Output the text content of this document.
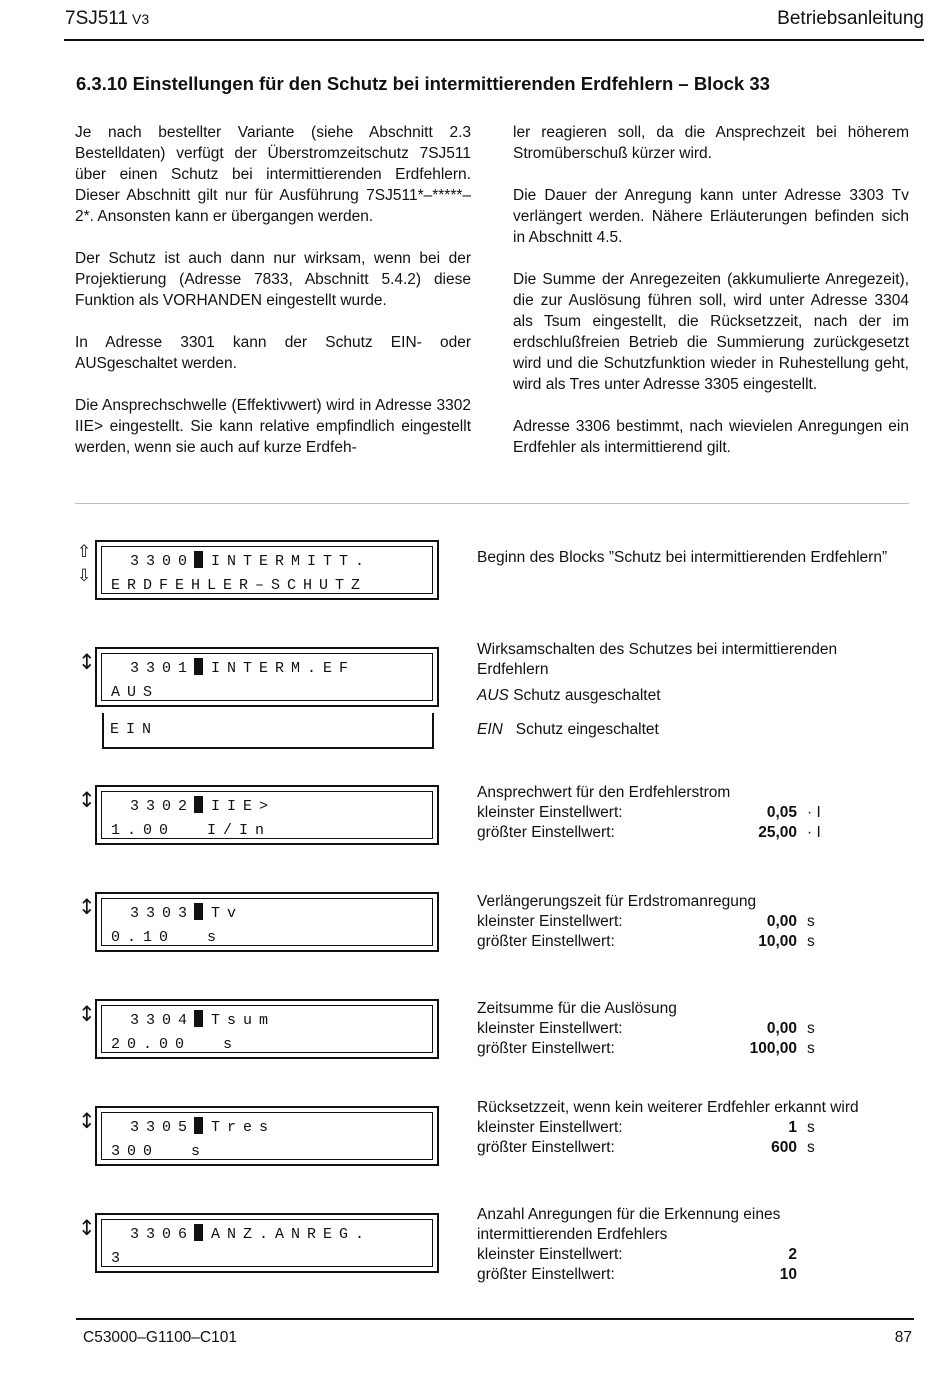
7SJ511 V3	Betriebsanleitung
6.3.10 Einstellungen für den Schutz bei intermittierenden Erdfehlern – Block 33

Je nach bestellter Variante (siehe Abschnitt 2.3 Bestelldaten) verfügt der Überstromzeitschutz 7SJ511 über einen Schutz bei intermittierenden Erdfehlern. Dieser Abschnitt gilt nur für Ausführung 7SJ511*–*****–2*. Ansonsten kann er übergangen werden.

Der Schutz ist auch dann nur wirksam, wenn bei der Projektierung (Adresse 7833, Abschnitt 5.4.2) diese Funktion als VORHANDEN eingestellt wurde.

In Adresse 3301 kann der Schutz EIN- oder AUSgeschaltet werden.

Die Ansprechschwelle (Effektivwert) wird in Adresse 3302 IIE> eingestellt. Sie kann relative empfindlich eingestellt werden, wenn sie auch auf kurze Erdfeh-

ler reagieren soll, da die Ansprechzeit bei höherem Stromüberschuß kürzer wird.

Die Dauer der Anregung kann unter Adresse 3303 Tv verlängert werden. Nähere Erläuterungen befinden sich in Abschnitt 4.5.

Die Summe der Anregezeiten (akkumulierte Anregezeit), die zur Auslösung führen soll, wird unter Adresse 3304 als Tsum eingestellt, die Rücksetzzeit, nach der im erdschlußfreien Betrieb die Summierung zurückgesetzt wird und die Schutzfunktion wieder in Ruhestellung geht, wird als Tres unter Adresse 3305 eingestellt.

Adresse 3306 bestimmt, nach wievielen Anregungen ein Erdfehler als intermittierend gilt.

⇧
⇩
3300 INTERMITT.
ERDFEHLER–SCHUTZ

Beginn des Blocks ”Schutz bei intermittierenden Erdfehlern”

↕ 3301 INTERM.EF
AUS
EIN

Wirksamschalten des Schutzes bei intermittierenden Erdfehlern

AUS Schutz ausgeschaltet

EIN Schutz eingeschaltet

↕ 3302 IIE>
1.00  I/In

Ansprechwert für den Erdfehlerstrom

kleinster Einstellwert:	0,05 · I
größter Einstellwert:	25,00 · I
↕ 3303 Tv
0.10  s

Verlängerungszeit für Erdstromanregung

kleinster Einstellwert:	0,00 s
größter Einstellwert:	10,00 s
↕ 3304 Tsum
20.00  s

Zeitsumme für die Auslösung

kleinster Einstellwert:	0,00 s
größter Einstellwert:	100,00 s
↕ 3305 Tres
300  s

Rücksetzzeit, wenn kein weiterer Erdfehler erkannt wird

kleinster Einstellwert:	1 s
größter Einstellwert:	600 s
↕ 3306 ANZ.ANREG.
3

Anzahl Anregungen für die Erkennung eines intermittierenden Erdfehlers

kleinster Einstellwert:	2
größter Einstellwert:	10
C53000–G1100–C101	87
